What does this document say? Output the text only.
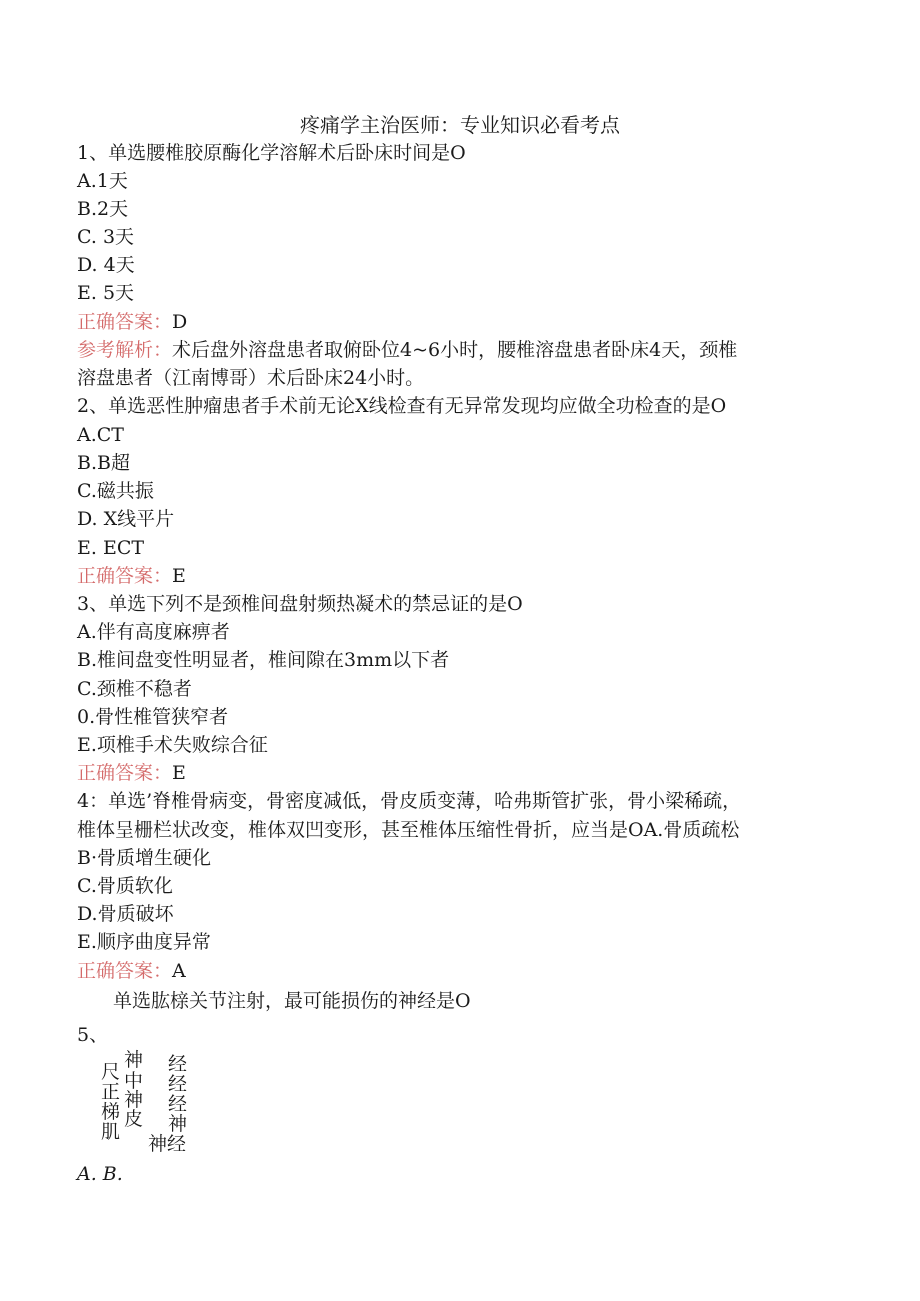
疼痛学主治医师：专业知识必看考点
1、单选腰椎胶原酶化学溶解术后卧床时间是O
A.1天
B.2天
C. 3天
D. 4天
E. 5天
正确答案：D
参考解析：术后盘外溶盘患者取俯卧位4~6小时，腰椎溶盘患者卧床4天，颈椎
溶盘患者（江南博哥）术后卧床24小时。
2、单选恶性肿瘤患者手术前无论X线检查有无异常发现均应做全功检查的是O
A.CT
B.B超
C.磁共振
D. X线平片
E. ECT
正确答案：E
3、单选下列不是颈椎间盘射频热凝术的禁忌证的是O
A.伴有高度麻痹者
B.椎间盘变性明显者，椎间隙在3mm以下者
C.颈椎不稳者
0.骨性椎管狭窄者
E.项椎手术失败综合征
正确答案：E
4：单选’脊椎骨病变，骨密度减低，骨皮质变薄，哈弗斯管扩张，骨小梁稀疏，
椎体呈栅栏状改变，椎体双凹变形，甚至椎体压缩性骨折，应当是OA.骨质疏松
B·骨质增生硬化
C.骨质软化
D.骨质破坏
E.顺序曲度异常
正确答案：A
单选肱榇关节注射，最可能损伤的神经是O
5、
神 经
尺 中 经
正 神 经
梯 皮 神
肌
神经
A. B.
